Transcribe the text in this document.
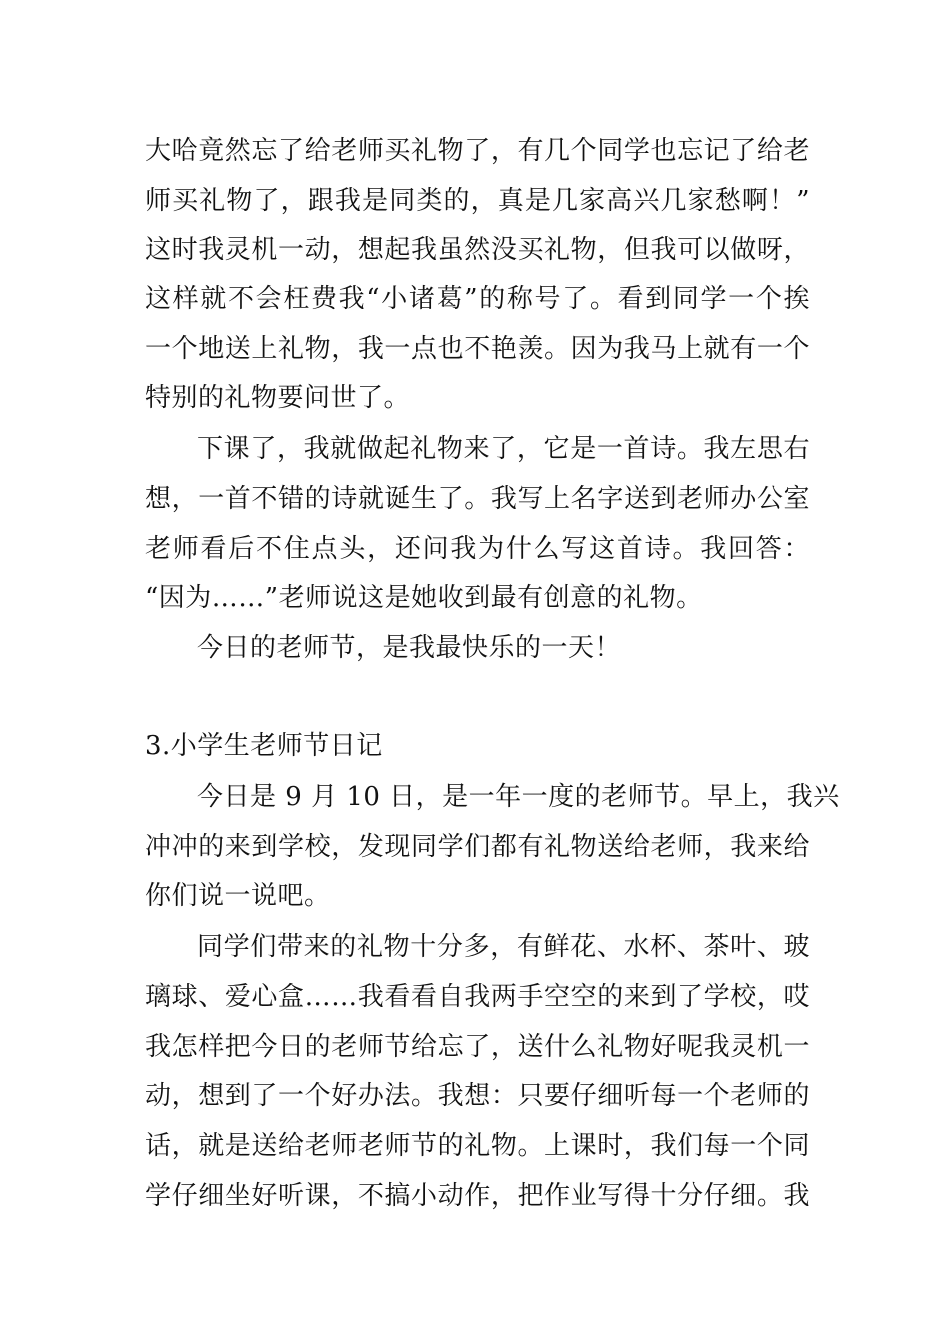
大哈竟然忘了给老师买礼物了，有几个同学也忘记了给老
师买礼物了，跟我是同类的，真是几家高兴几家愁啊！”
这时我灵机一动，想起我虽然没买礼物，但我可以做呀，
这样就不会枉费我“小诸葛”的称号了。看到同学一个挨
一个地送上礼物，我一点也不艳羡。因为我马上就有一个
特别的礼物要问世了。
下课了，我就做起礼物来了，它是一首诗。我左思右
想，一首不错的诗就诞生了。我写上名字送到老师办公室
老师看后不住点头，还问我为什么写这首诗。我回答：
“因为……”老师说这是她收到最有创意的礼物。
今日的老师节，是我最快乐的一天！
3.小学生老师节日记
今日是 9 月 10 日，是一年一度的老师节。早上，我兴
冲冲的来到学校，发现同学们都有礼物送给老师，我来给
你们说一说吧。
同学们带来的礼物十分多，有鲜花、水杯、茶叶、玻
璃球、爱心盒……我看看自我两手空空的来到了学校，哎
我怎样把今日的老师节给忘了，送什么礼物好呢我灵机一
动，想到了一个好办法。我想：只要仔细听每一个老师的
话，就是送给老师老师节的礼物。上课时，我们每一个同
学仔细坐好听课，不搞小动作，把作业写得十分仔细。我
